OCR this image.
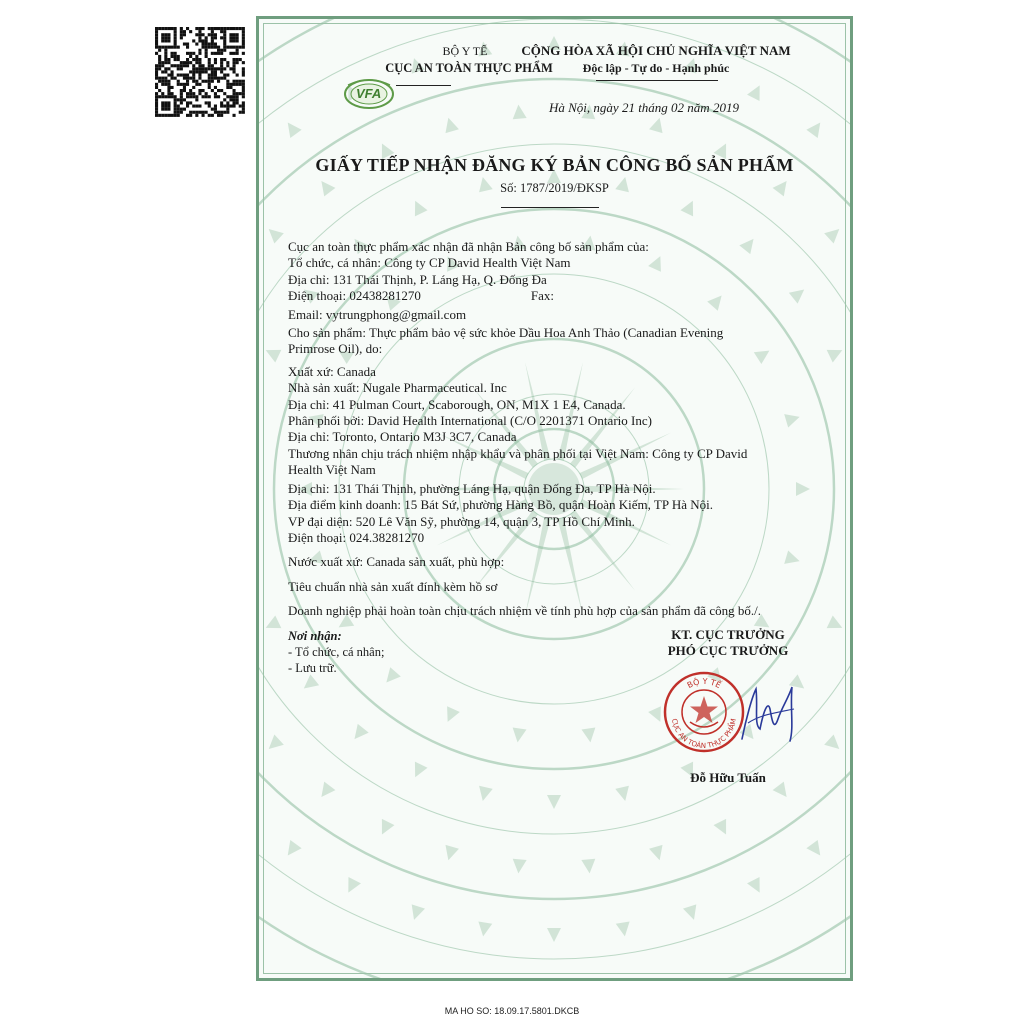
BỘ Y TẾ
CỤC AN TOÀN THỰC PHẨM
VFA
CỘNG HÒA XÃ HỘI CHỦ NGHĨA VIỆT NAM
Độc lập - Tự do - Hạnh phúc
Hà Nội, ngày 21 tháng 02 năm 2019
GIẤY TIẾP NHẬN ĐĂNG KÝ BẢN CÔNG BỐ SẢN PHẨM
Số: 1787/2019/ĐKSP
Cục an toàn thực phẩm xác nhận đã nhận Bản công bố sản phẩm của:
Tổ chức, cá nhân: Công ty CP David Health Việt Nam
Địa chỉ: 131 Thái Thịnh, P. Láng Hạ, Q. Đống Đa
Điện thoại: 02438281270	Fax:
Email: vytrungphong@gmail.com
Cho sản phẩm: Thực phẩm bảo vệ sức khỏe Dầu Hoa Anh Thảo (Canadian Evening
Primrose Oil), do:
Xuất xứ: Canada
Nhà sản xuất: Nugale Pharmaceutical. Inc
Địa chỉ: 41 Pulman Court, Scaborough, ON, M1X 1 E4, Canada.
Phân phối bởi: David Health International (C/O 2201371 Ontario Inc)
Địa chỉ: Toronto, Ontario M3J 3C7, Canada
Thương nhân chịu trách nhiệm nhập khẩu và phân phối tại Việt Nam: Công ty CP David
Health Việt Nam
Địa chỉ: 131 Thái Thịnh, phường Láng Hạ, quận Đống Đa, TP Hà Nội.
Địa điểm kinh doanh: 15 Bát Sứ, phường Hàng Bồ, quận Hoàn Kiếm, TP Hà Nội.
VP đại diện: 520 Lê Văn Sỹ, phường 14, quận 3, TP Hồ Chí Minh.
Điện thoại: 024.38281270
Nước xuất xứ: Canada sản xuất, phù hợp:
Tiêu chuẩn nhà sản xuất đính kèm hồ sơ
Doanh nghiệp phải hoàn toàn chịu trách nhiệm về tính phù hợp của sản phẩm đã công bố./.
Nơi nhận:
- Tổ chức, cá nhân;
- Lưu trữ.
KT. CỤC TRƯỞNG
PHÓ CỤC TRƯỞNG
BỘ Y TẾ
CỤC AN TOÀN THỰC PHẨM
Đỗ Hữu Tuấn
MA HO SO: 18.09.17.5801.DKCB
